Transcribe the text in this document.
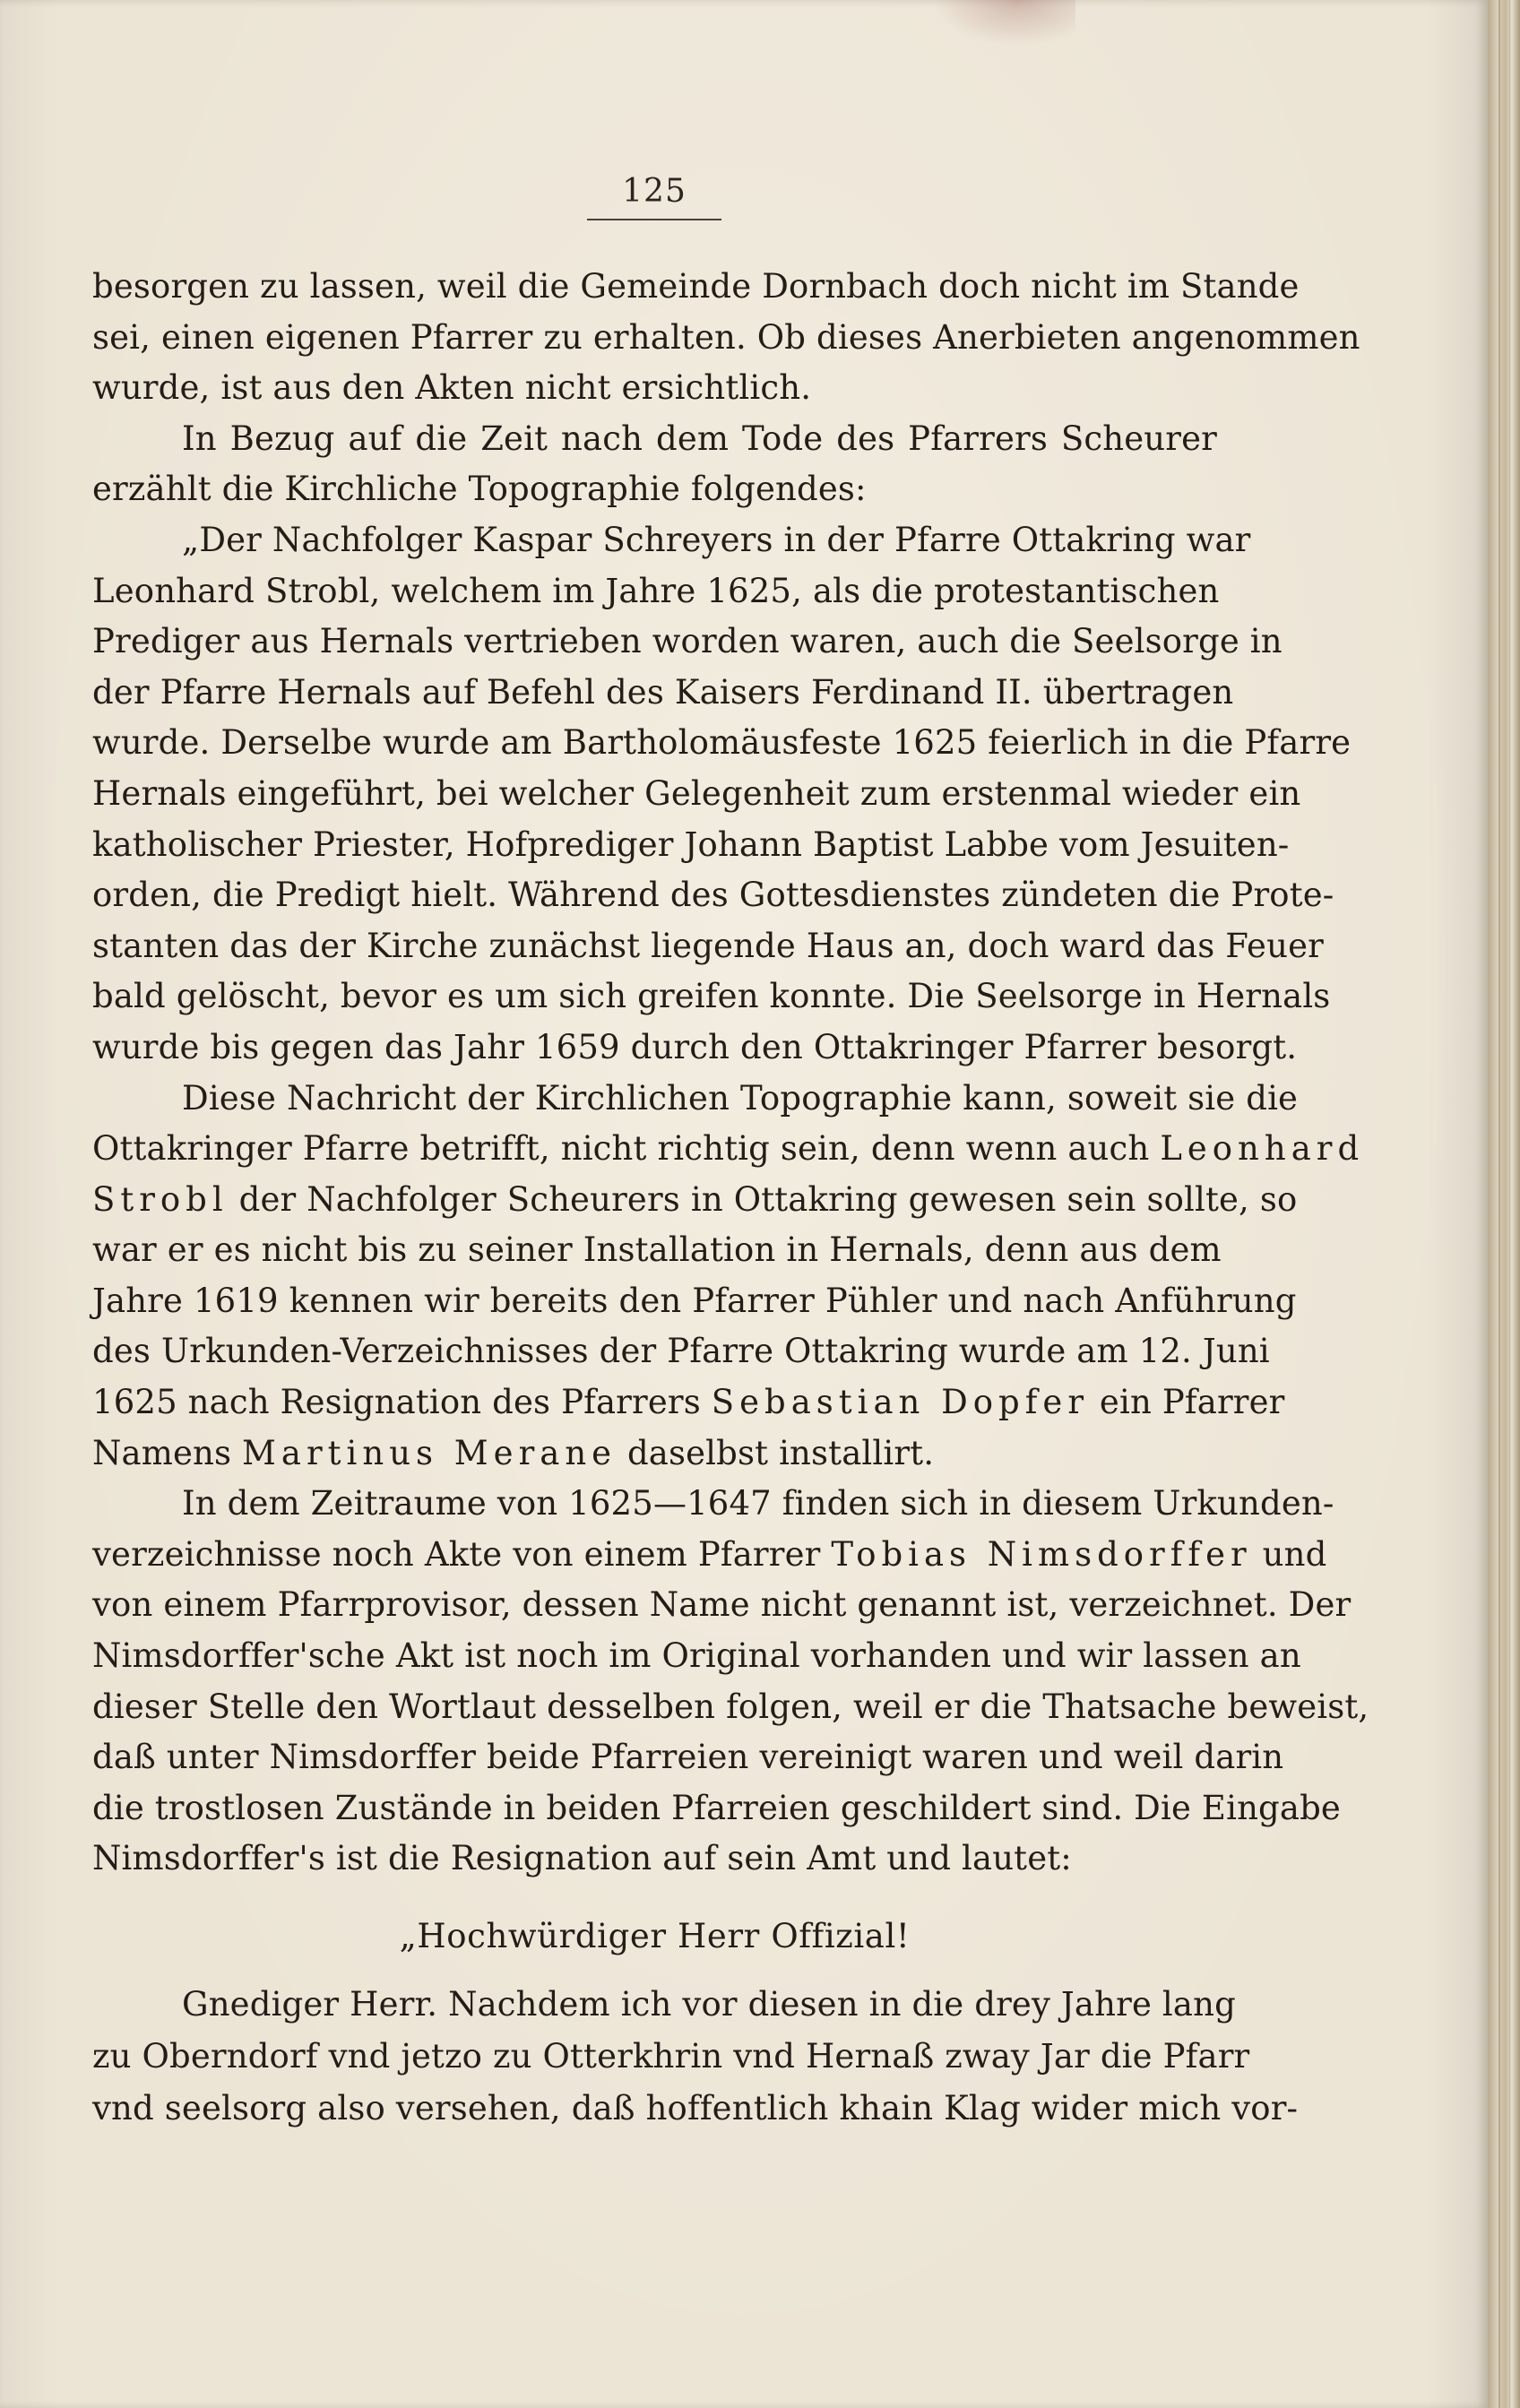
125
besorgen zu lassen, weil die Gemeinde Dornbach doch nicht im Stande
sei, einen eigenen Pfarrer zu erhalten. Ob dieses Anerbieten angenommen
wurde, ist aus den Akten nicht ersichtlich.
In Bezug auf die Zeit nach dem Tode des Pfarrers Scheurer
erzählt die Kirchliche Topographie folgendes:
„Der Nachfolger Kaspar Schreyers in der Pfarre Ottakring war
Leonhard Strobl, welchem im Jahre 1625, als die protestantischen
Prediger aus Hernals vertrieben worden waren, auch die Seelsorge in
der Pfarre Hernals auf Befehl des Kaisers Ferdinand II. übertragen
wurde. Derselbe wurde am Bartholomäusfeste 1625 feierlich in die Pfarre
Hernals eingeführt, bei welcher Gelegenheit zum erstenmal wieder ein
katholischer Priester, Hofprediger Johann Baptist Labbe vom Jesuiten-
orden, die Predigt hielt. Während des Gottesdienstes zündeten die Prote-
stanten das der Kirche zunächst liegende Haus an, doch ward das Feuer
bald gelöscht, bevor es um sich greifen konnte. Die Seelsorge in Hernals
wurde bis gegen das Jahr 1659 durch den Ottakringer Pfarrer besorgt.
Diese Nachricht der Kirchlichen Topographie kann, soweit sie die
Ottakringer Pfarre betrifft, nicht richtig sein, denn wenn auch Leonhard
Strobl der Nachfolger Scheurers in Ottakring gewesen sein sollte, so
war er es nicht bis zu seiner Installation in Hernals, denn aus dem
Jahre 1619 kennen wir bereits den Pfarrer Pühler und nach Anführung
des Urkunden-Verzeichnisses der Pfarre Ottakring wurde am 12. Juni
1625 nach Resignation des Pfarrers Sebastian Dopfer ein Pfarrer
Namens Martinus Merane daselbst installirt.
In dem Zeitraume von 1625—1647 finden sich in diesem Urkunden-
verzeichnisse noch Akte von einem Pfarrer Tobias Nimsdorffer und
von einem Pfarrprovisor, dessen Name nicht genannt ist, verzeichnet. Der
Nimsdorffer'sche Akt ist noch im Original vorhanden und wir lassen an
dieser Stelle den Wortlaut desselben folgen, weil er die Thatsache beweist,
daß unter Nimsdorffer beide Pfarreien vereinigt waren und weil darin
die trostlosen Zustände in beiden Pfarreien geschildert sind. Die Eingabe
Nimsdorffer's ist die Resignation auf sein Amt und lautet:
„Hochwürdiger Herr Offizial!
Gnediger Herr. Nachdem ich vor diesen in die drey Jahre lang
zu Oberndorf vnd jetzo zu Otterkhrin vnd Hernaß zway Jar die Pfarr
vnd seelsorg also versehen, daß hoffentlich khain Klag wider mich vor-
